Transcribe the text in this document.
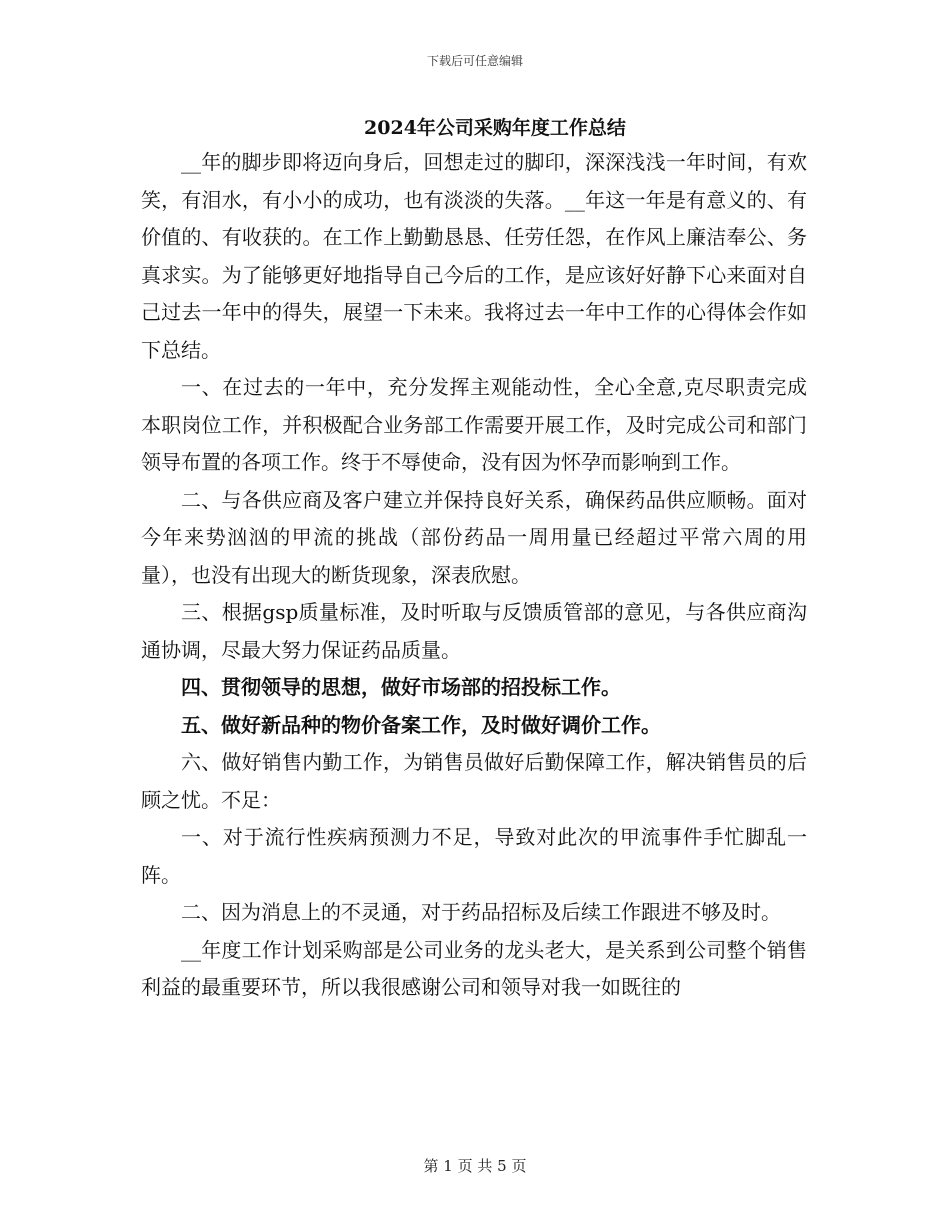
下载后可任意编辑
2024年公司采购年度工作总结

__年的脚步即将迈向身后，回想走过的脚印，深深浅浅一年时间，有欢笑，有泪水，有小小的成功，也有淡淡的失落。__年这一年是有意义的、有价值的、有收获的。在工作上勤勤恳恳、任劳任怨，在作风上廉洁奉公、务真求实。为了能够更好地指导自己今后的工作，是应该好好静下心来面对自己过去一年中的得失，展望一下未来。我将过去一年中工作的心得体会作如下总结。

一、在过去的一年中，充分发挥主观能动性，全心全意,克尽职责完成本职岗位工作，并积极配合业务部工作需要开展工作，及时完成公司和部门领导布置的各项工作。终于不辱使命，没有因为怀孕而影响到工作。

二、与各供应商及客户建立并保持良好关系，确保药品供应顺畅。面对今年来势汹汹的甲流的挑战（部份药品一周用量已经超过平常六周的用量），也没有出现大的断货现象，深表欣慰。

三、根据gsp质量标准，及时听取与反馈质管部的意见，与各供应商沟通协调，尽最大努力保证药品质量。

四、贯彻领导的思想，做好市场部的招投标工作。

五、做好新品种的物价备案工作，及时做好调价工作。

六、做好销售内勤工作，为销售员做好后勤保障工作，解决销售员的后顾之忧。不足：

一、对于流行性疾病预测力不足，导致对此次的甲流事件手忙脚乱一阵。

二、因为消息上的不灵通，对于药品招标及后续工作跟进不够及时。

__年度工作计划采购部是公司业务的龙头老大，是关系到公司整个销售利益的最重要环节，所以我很感谢公司和领导对我一如既往的

第 1 页 共 5 页
